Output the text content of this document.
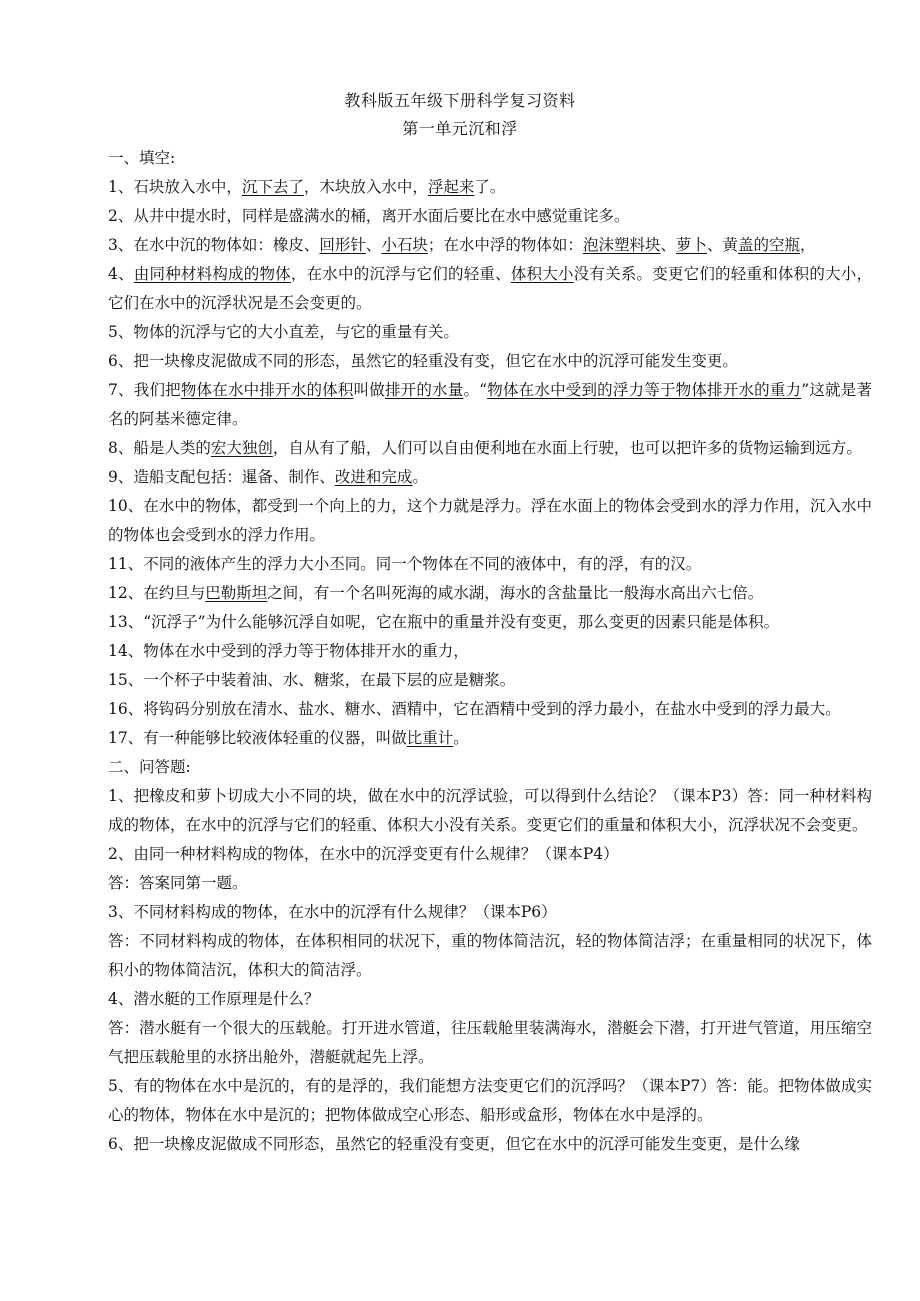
教科版五年级下册科学复习资料
第一单元沉和浮

一、填空:

1、石块放入水中，沉下去了，木块放入水中，浮起来了。

2、从井中提水时，同样是盛满水的桶，离开水面后要比在水中感觉重诧多。

3、在水中沉的物体如：橡皮、回形针、小石块；在水中浮的物体如：泡沫塑料块、萝卜、黄盖的空瓶，

4、由同种材料构成的物体，在水中的沉浮与它们的轻重、体积大小没有关系。变更它们的轻重和体积的大小，它们在水中的沉浮状况是丕会变更的。

5、物体的沉浮与它的大小直差，与它的重量有关。

6、把一块橡皮泥做成不同的形态，虽然它的轻重没有变，但它在水中的沉浮可能发生变更。

7、我们把物体在水中排开水的体积叫做排开的水量。“物体在水中受到的浮力等于物体排开水的重力”这就是著名的阿基米德定律。

8、船是人类的宏大独创，自从有了船，人们可以自由便利地在水面上行驶，也可以把许多的货物运输到远方。

9、造船支配包括：暹备、制作、改进和完成。

10、在水中的物体，都受到一个向上的力，这个力就是浮力。浮在水面上的物体会受到水的浮力作用，沉入水中的物体也会受到水的浮力作用。

11、不同的液体产生的浮力大小丕同。同一个物体在不同的液体中，有的浮，有的汉。

12、在约旦与巴勒斯坦之间，有一个名叫死海的咸水湖，海水的含盐量比一般海水高出六七倍。

13、“沉浮子”为什么能够沉浮自如呢，它在瓶中的重量并没有变更，那么变更的因素只能是体积。

14、物体在水中受到的浮力等于物体排开水的重力，

15、一个杯子中装着油、水、糖浆，在最下层的应是糖浆。

16、将钩码分别放在清水、盐水、糖水、酒精中，它在酒精中受到的浮力最小，在盐水中受到的浮力最大。

17、有一种能够比较液体轻重的仪器，叫做比重计。

二、问答题:

1、把橡皮和萝卜切成大小不同的块，做在水中的沉浮试验，可以得到什么结论？（课本P3）答：同一种材料构成的物体，在水中的沉浮与它们的轻重、体积大小没有关系。变更它们的重量和体积大小，沉浮状况不会变更。

2、由同一种材料构成的物体，在水中的沉浮变更有什么规律？（课本P4）

答：答案同第一题。

3、不同材料构成的物体，在水中的沉浮有什么规律？（课本P6）

答：不同材料构成的物体，在体积相同的状况下，重的物体简洁沉，轻的物体简洁浮；在重量相同的状况下，体积小的物体简洁沉，体积大的简洁浮。

4、潜水艇的工作原理是什么？

答：潜水艇有一个很大的压载舱。打开进水管道，往压载舱里装满海水，潜艇会下潜，打开进气管道，用压缩空气把压载舱里的水挤出舱外，潜艇就起先上浮。

5、有的物体在水中是沉的，有的是浮的，我们能想方法变更它们的沉浮吗？（课本P7）答：能。把物体做成实心的物体，物体在水中是沉的；把物体做成空心形态、船形或盒形，物体在水中是浮的。

6、把一块橡皮泥做成不同形态，虽然它的轻重没有变更，但它在水中的沉浮可能发生变更，是什么缘
